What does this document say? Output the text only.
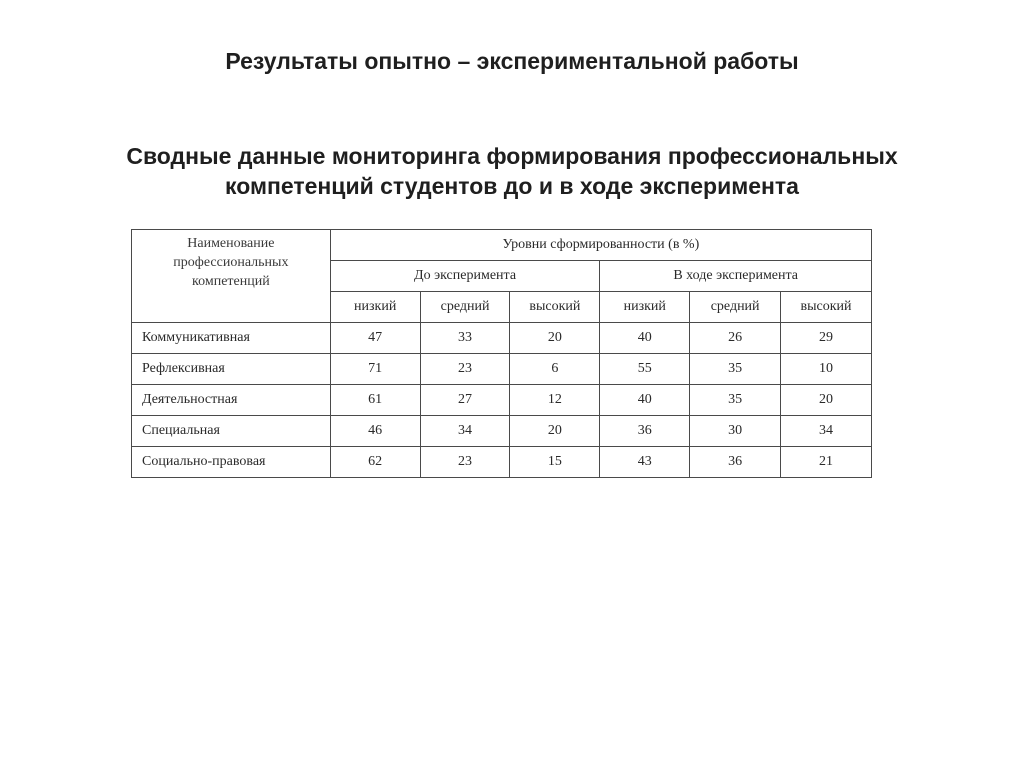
Результаты опытно – экспериментальной работы
Сводные данные мониторинга формирования профессиональных
компетенций студентов до и в ходе эксперимента
Наименование
профессиональных
компетенций	Уровни сформированности (в %)					
	До эксперимента			В ходе эксперимента		
	низкий	средний	высокий	низкий	средний	высокий
Коммуникативная	47	33	20	40	26	29
Рефлексивная	71	23	6	55	35	10
Деятельностная	61	27	12	40	35	20
Специальная	46	34	20	36	30	34
Социально-правовая	62	23	15	43	36	21
